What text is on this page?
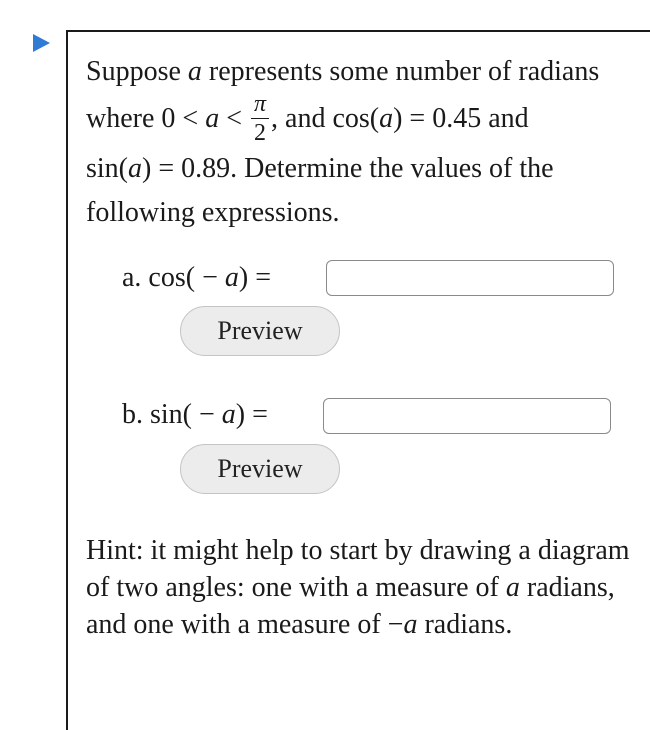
Suppose a represents some number of radians
where $0 < a < \frac{\pi}{2}$ , and cos(a) = 0.45 and
sin(a) = 0.89. Determine the values of the
following expressions.
a. cos( − a) =
Preview
b. sin( − a) =
Preview
Hint: it might help to start by drawing a diagram of two angles: one with a measure of a radians, and one with a measure of −a radians.
